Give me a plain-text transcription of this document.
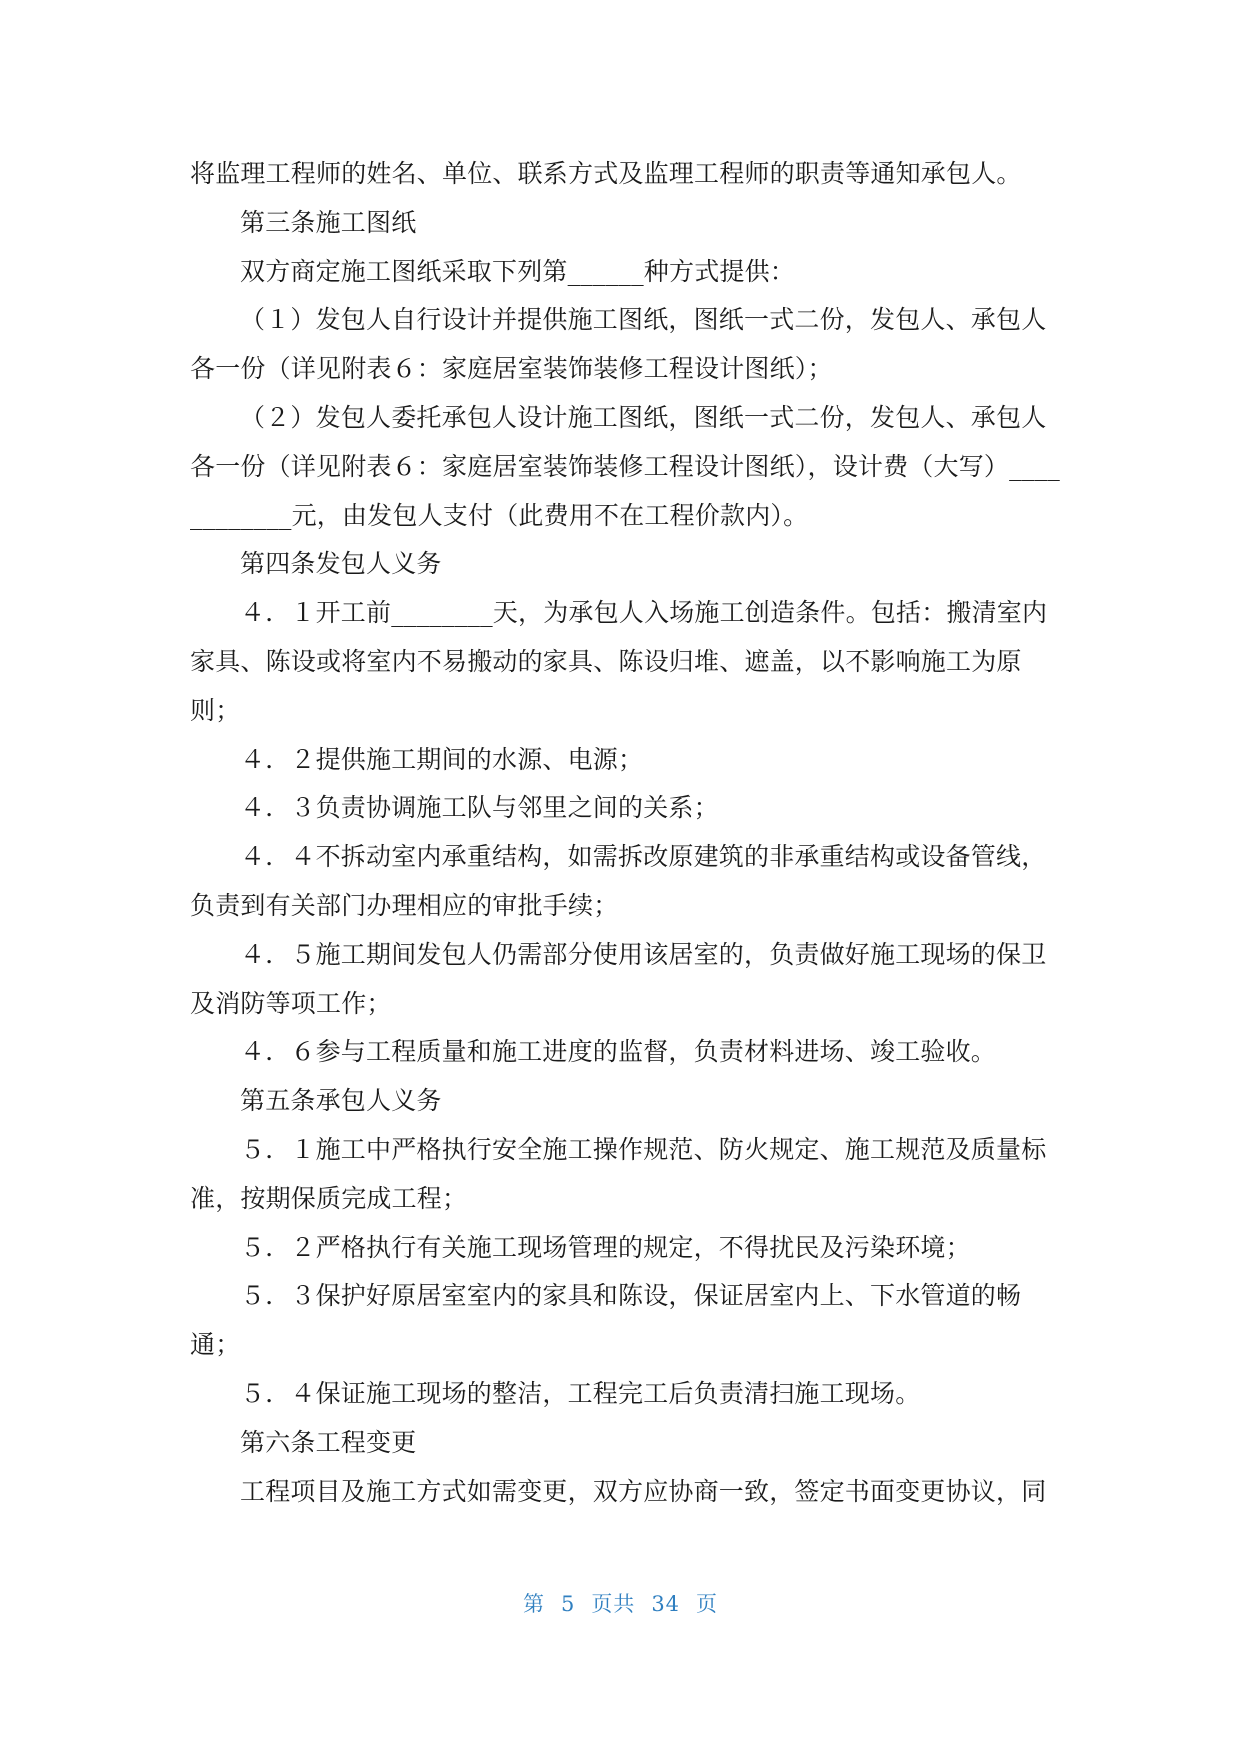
将监理工程师的姓名、单位、联系方式及监理工程师的职责等通知承包人。
第三条施工图纸
双方商定施工图纸采取下列第______种方式提供：
（１）发包人自行设计并提供施工图纸，图纸一式二份，发包人、承包人
各一份（详见附表６：家庭居室装饰装修工程设计图纸）；
（２）发包人委托承包人设计施工图纸，图纸一式二份，发包人、承包人
各一份（详见附表６：家庭居室装饰装修工程设计图纸），设计费（大写）____
________元，由发包人支付（此费用不在工程价款内）。
第四条发包人义务
４．１开工前________天，为承包人入场施工创造条件。包括：搬清室内
家具、陈设或将室内不易搬动的家具、陈设归堆、遮盖，以不影响施工为原
则；
４．２提供施工期间的水源、电源；
４．３负责协调施工队与邻里之间的关系；
４．４不拆动室内承重结构，如需拆改原建筑的非承重结构或设备管线，
负责到有关部门办理相应的审批手续；
４．５施工期间发包人仍需部分使用该居室的，负责做好施工现场的保卫
及消防等项工作；
４．６参与工程质量和施工进度的监督，负责材料进场、竣工验收。
第五条承包人义务
５．１施工中严格执行安全施工操作规范、防火规定、施工规范及质量标
准，按期保质完成工程；
５．２严格执行有关施工现场管理的规定，不得扰民及污染环境；
５．３保护好原居室室内的家具和陈设，保证居室内上、下水管道的畅
通；
５．４保证施工现场的整洁，工程完工后负责清扫施工现场。
第六条工程变更
工程项目及施工方式如需变更，双方应协商一致，签定书面变更协议，同
第 5 页共 34 页
